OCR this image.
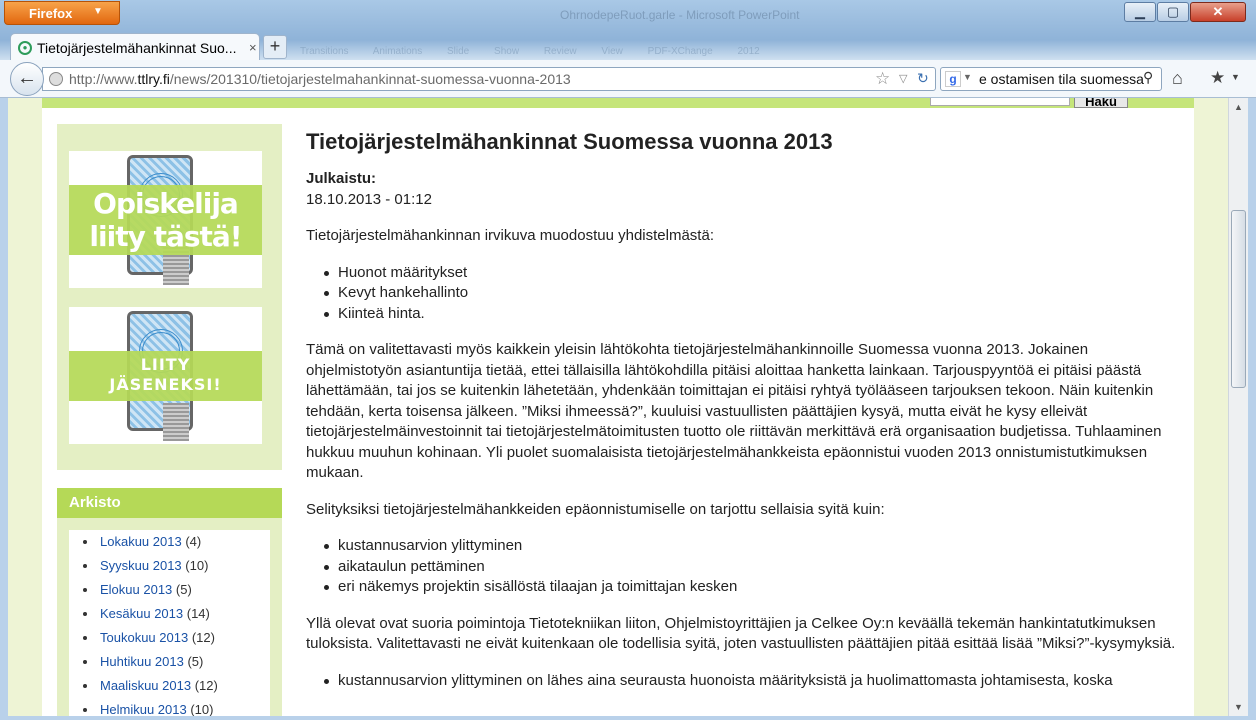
OhrnodepeRuot.garle - Microsoft PowerPoint
Firefox ▼	▁	▢	✕
Transitions Animations Slide Show Review View PDF-XChange 2012
● Tietojärjestelmähankinnat Suo... × +
http://www.ttlry.fi/news/201310/tietojarjestelmahankinnat-suomessa-vuonna-2013	☆ ▽ ↻
←	g ▼ e ostamisen tila suomessa ⚲ ⌂ ★ ▼
Hakü
Opiskelija
liity tästä!
LIITY
JÄSENEKSI!
Arkisto
Lokakuu 2013 (4)
Syyskuu 2013 (10)
Elokuu 2013 (5)
Kesäkuu 2013 (14)
Toukokuu 2013 (12)
Huhtikuu 2013 (5)
Maaliskuu 2013 (12)
Helmikuu 2013 (10)
Tietojärjestelmähankinnat Suomessa vuonna 2013
Julkaistu:
18.10.2013 - 01:12

Tietojärjestelmähankinnan irvikuva muodostuu yhdistelmästä:

Huonot määritykset
Kevyt hankehallinto
Kiinteä hinta.

Tämä on valitettavasti myös kaikkein yleisin lähtökohta tietojärjestelmähankinnoille Suomessa vuonna 2013. Jokainen ohjelmistotyön asiantuntija tietää, ettei tällaisilla lähtökohdilla pitäisi aloittaa hanketta lainkaan. Tarjouspyyntöä ei pitäisi päästä lähettämään, tai jos se kuitenkin lähetetään, yhdenkään toimittajan ei pitäisi ryhtyä työlääseen tarjouksen tekoon. Näin kuitenkin tehdään, kerta toisensa jälkeen. ”Miksi ihmeessä?”, kuuluisi vastuullisten päättäjien kysyä, mutta eivät he kysy elleivät tietojärjestelmäinvestoinnit tai tietojärjestelmätoimitusten tuotto ole riittävän merkittävä erä organisaation budjetissa. Tuhlaaminen hukkuu muuhun kohinaan. Yli puolet suomalaisista tietojärjestelmähankkeista epäonnistui vuoden 2013 onnistumistutkimuksen mukaan.

Selityksiksi tietojärjestelmähankkeiden epäonnistumiselle on tarjottu sellaisia syitä kuin:

kustannusarvion ylittyminen
aikataulun pettäminen
eri näkemys projektin sisällöstä tilaajan ja toimittajan kesken

Yllä olevat ovat suoria poimintoja Tietotekniikan liiton, Ohjelmistoyrittäjien ja Celkee Oy:n keväällä tekemän hankintatutkimuksen tuloksista. Valitettavasti ne eivät kuitenkaan ole todellisia syitä, joten vastuullisten päättäjien pitää esittää lisää ”Miksi?”-kysymyksiä.

kustannusarvion ylittyminen on lähes aina seurausta huonoista määrityksistä ja huolimattomasta johtamisesta, koska
▲
▼
